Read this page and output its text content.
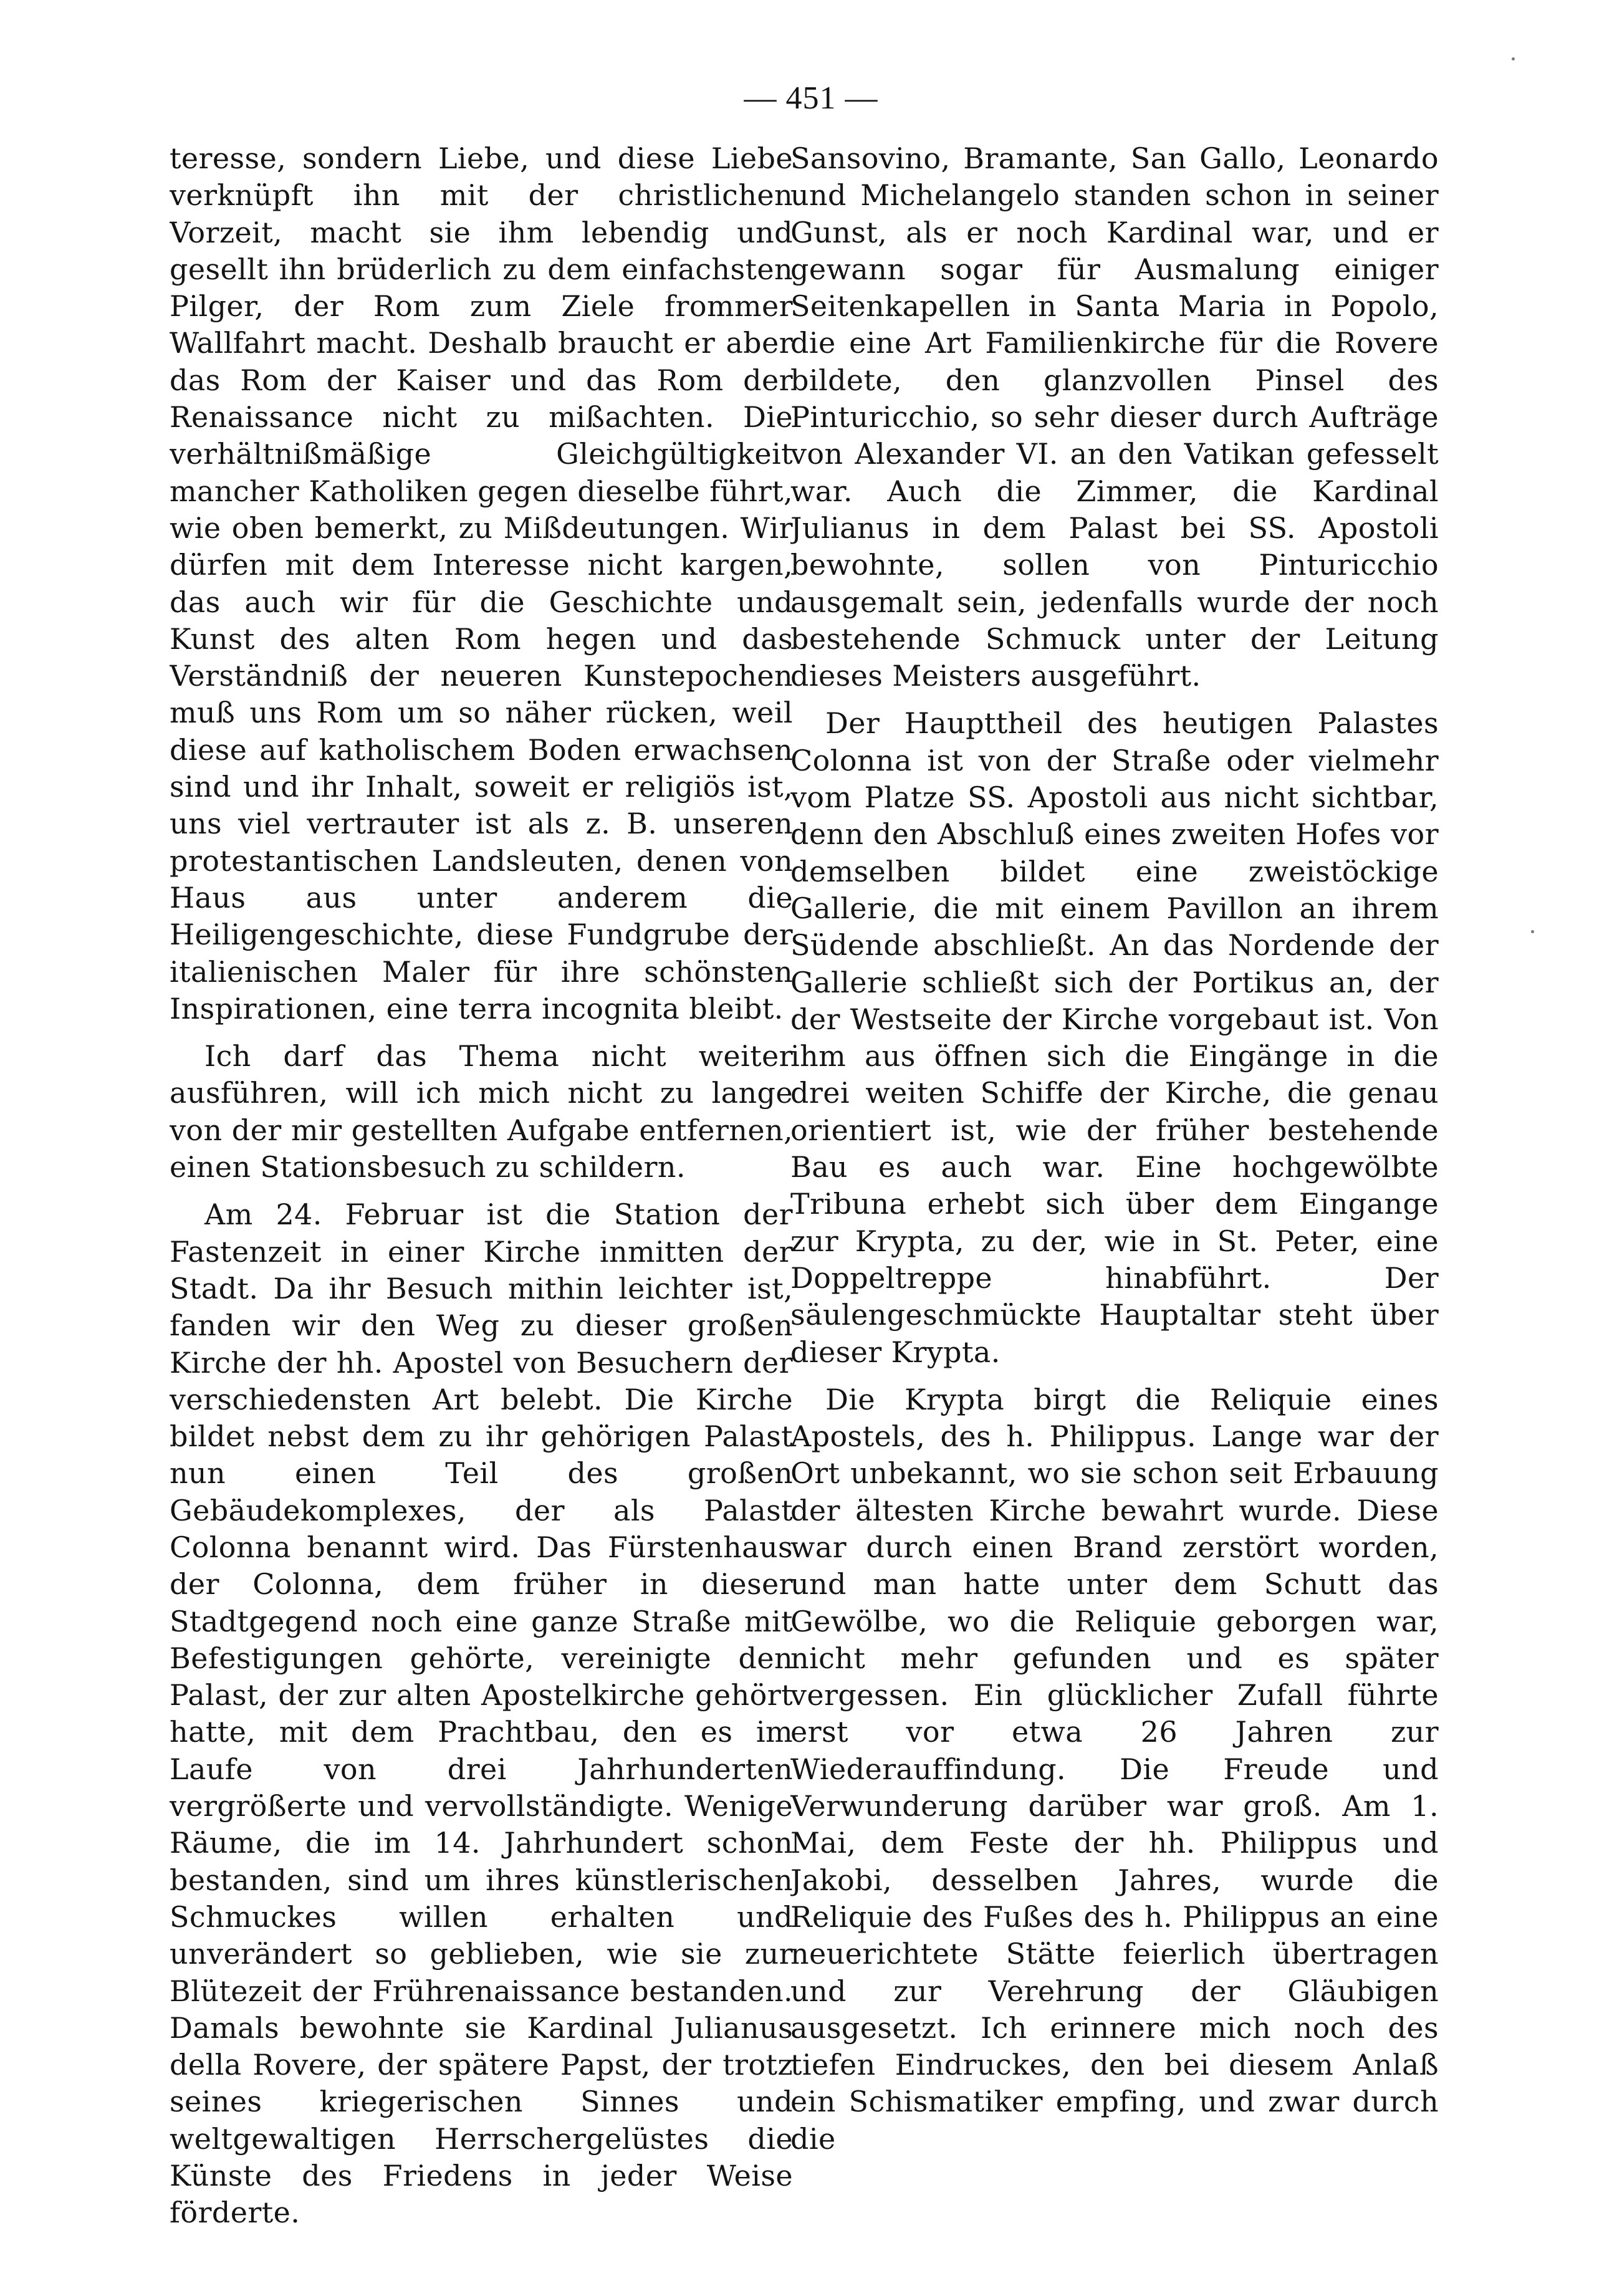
— 451 —

teresse, sondern Liebe, und diese Liebe verknüpft ihn mit der christlichen Vorzeit, macht sie ihm lebendig und gesellt ihn brüderlich zu dem einfachsten Pilger, der Rom zum Ziele frommer Wallfahrt macht. Deshalb braucht er aber das Rom der Kaiser und das Rom der Renaissance nicht zu mißachten. Die verhältnißmäßige Gleichgültigkeit mancher Katholiken gegen dieselbe führt, wie oben bemerkt, zu Mißdeutungen. Wir dürfen mit dem Interesse nicht kargen, das auch wir für die Geschichte und Kunst des alten Rom hegen und das Verständniß der neueren Kunstepochen muß uns Rom um so näher rücken, weil diese auf katholischem Boden erwachsen sind und ihr Inhalt, soweit er religiös ist, uns viel vertrauter ist als z. B. unseren protestantischen Landsleuten, denen von Haus aus unter anderem die Heiligengeschichte, diese Fundgrube der italienischen Maler für ihre schönsten Inspirationen, eine terra incognita bleibt.

Ich darf das Thema nicht weiter ausführen, will ich mich nicht zu lange von der mir gestellten Aufgabe entfernen, einen Stationsbesuch zu schildern.

Am 24. Februar ist die Station der Fastenzeit in einer Kirche inmitten der Stadt. Da ihr Besuch mithin leichter ist, fanden wir den Weg zu dieser großen Kirche der hh. Apostel von Besuchern der verschiedensten Art belebt. Die Kirche bildet nebst dem zu ihr gehörigen Palast nun einen Teil des großen Gebäudekomplexes, der als Palast Colonna benannt wird. Das Fürstenhaus der Colonna, dem früher in dieser Stadtgegend noch eine ganze Straße mit Befestigungen gehörte, vereinigte den Palast, der zur alten Apostelkirche gehört hatte, mit dem Prachtbau, den es im Laufe von drei Jahrhunderten vergrößerte und vervollständigte. Wenige Räume, die im 14. Jahrhundert schon bestanden, sind um ihres künstlerischen Schmuckes willen erhalten und unverändert so geblieben, wie sie zur Blütezeit der Frührenaissance bestanden. Damals bewohnte sie Kardinal Julianus della Rovere, der spätere Papst, der trotz seines kriegerischen Sinnes und weltgewaltigen Herrschergelüstes die Künste des Friedens in jeder Weise förderte.

Sansovino, Bramante, San Gallo, Leonardo und Michelangelo standen schon in seiner Gunst, als er noch Kardinal war, und er gewann sogar für Ausmalung einiger Seitenkapellen in Santa Maria in Popolo, die eine Art Familienkirche für die Rovere bildete, den glanzvollen Pinsel des Pinturicchio, so sehr dieser durch Aufträge von Alexander VI. an den Vatikan gefesselt war. Auch die Zimmer, die Kardinal Julianus in dem Palast bei SS. Apostoli bewohnte, sollen von Pinturicchio ausgemalt sein, jedenfalls wurde der noch bestehende Schmuck unter der Leitung dieses Meisters ausgeführt.

Der Haupttheil des heutigen Palastes Colonna ist von der Straße oder vielmehr vom Platze SS. Apostoli aus nicht sichtbar, denn den Abschluß eines zweiten Hofes vor demselben bildet eine zweistöckige Gallerie, die mit einem Pavillon an ihrem Südende abschließt. An das Nordende der Gallerie schließt sich der Portikus an, der der Westseite der Kirche vorgebaut ist. Von ihm aus öffnen sich die Eingänge in die drei weiten Schiffe der Kirche, die genau orientiert ist, wie der früher bestehende Bau es auch war. Eine hochgewölbte Tribuna erhebt sich über dem Eingange zur Krypta, zu der, wie in St. Peter, eine Doppeltreppe hinabführt. Der säulengeschmückte Hauptaltar steht über dieser Krypta.

Die Krypta birgt die Reliquie eines Apostels, des h. Philippus. Lange war der Ort unbekannt, wo sie schon seit Erbauung der ältesten Kirche bewahrt wurde. Diese war durch einen Brand zerstört worden, und man hatte unter dem Schutt das Gewölbe, wo die Reliquie geborgen war, nicht mehr gefunden und es später vergessen. Ein glücklicher Zufall führte erst vor etwa 26 Jahren zur Wiederauffindung. Die Freude und Verwunderung darüber war groß. Am 1. Mai, dem Feste der hh. Philippus und Jakobi, desselben Jahres, wurde die Reliquie des Fußes des h. Philippus an eine neuerichtete Stätte feierlich übertragen und zur Verehrung der Gläubigen ausgesetzt. Ich erinnere mich noch des tiefen Eindruckes, den bei diesem Anlaß ein Schismatiker empfing, und zwar durch die
